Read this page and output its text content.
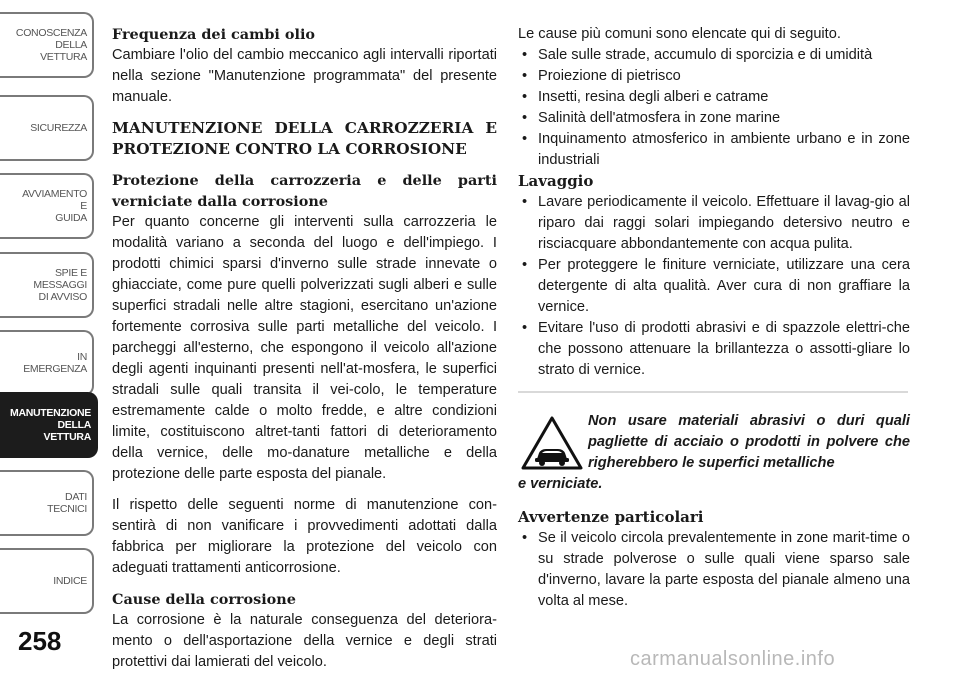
CONOSCENZA
DELLA
VETTURA
SICUREZZA
AVVIAMENTO
E
GUIDA
SPIE E
MESSAGGI
DI AVVISO
IN
EMERGENZA
MANUTENZIONE
DELLA
VETTURA
DATI
TECNICI
INDICE
258

Frequenza dei cambi olio

Cambiare l'olio del cambio meccanico agli intervalli riportati nella sezione "Manutenzione programmata" del presente manuale.

MANUTENZIONE DELLA CARROZZERIA E PROTEZIONE CONTRO LA CORROSIONE

Protezione della carrozzeria e delle parti verniciate dalla corrosione

Per quanto concerne gli interventi sulla carrozzeria le modalità variano a seconda del luogo e dell'impiego. I prodotti chimici sparsi d'inverno sulle strade innevate o ghiacciate, come pure quelli polverizzati sugli alberi e sulle superfici stradali nelle altre stagioni, esercitano un'azione fortemente corrosiva sulle parti metalliche del veicolo. I parcheggi all'esterno, che espongono il veicolo all'azione degli agenti inquinanti presenti nell'at-mosfera, le superfici stradali sulle quali transita il vei-colo, le temperature estremamente calde o molto fredde, e altre condizioni limite, costituiscono altret-tanti fattori di deterioramento della vernice, delle mo-danature metalliche e della protezione delle parte esposta del pianale.

Il rispetto delle seguenti norme di manutenzione con-sentirà di non vanificare i provvedimenti adottati dalla fabbrica per migliorare la protezione del veicolo con adeguati trattamenti anticorrosione.

Cause della corrosione

La corrosione è la naturale conseguenza del deteriora-mento o dell'asportazione della vernice e degli strati protettivi dai lamierati del veicolo.

Le cause più comuni sono elencate qui di seguito.

• Sale sulle strade, accumulo di sporcizia e di umidità
• Proiezione di pietrisco
• Insetti, resina degli alberi e catrame
• Salinità dell'atmosfera in zone marine
• Inquinamento atmosferico in ambiente urbano e in zone industriali

Lavaggio

• Lavare periodicamente il veicolo. Effettuare il lavag-gio al riparo dai raggi solari impiegando detersivo neutro e risciacquare abbondantemente con acqua pulita.
• Per proteggere le finiture verniciate, utilizzare una cera detergente di alta qualità. Aver cura di non graffiare la vernice.
• Evitare l'uso di prodotti abrasivi e di spazzole elettri-che che possono attenuare la brillantezza o assotti-gliare lo strato di vernice.
Non usare materiali abrasivi o duri quali pagliette di acciaio o prodotti in polvere che righerebbero le superfici metalliche
e verniciate.

Avvertenze particolari

• Se il veicolo circola prevalentemente in zone marit-time o su strade polverose o sulle quali viene sparso sale d'inverno, lavare la parte esposta del pianale almeno una volta al mese.
carmanualsonline.info
